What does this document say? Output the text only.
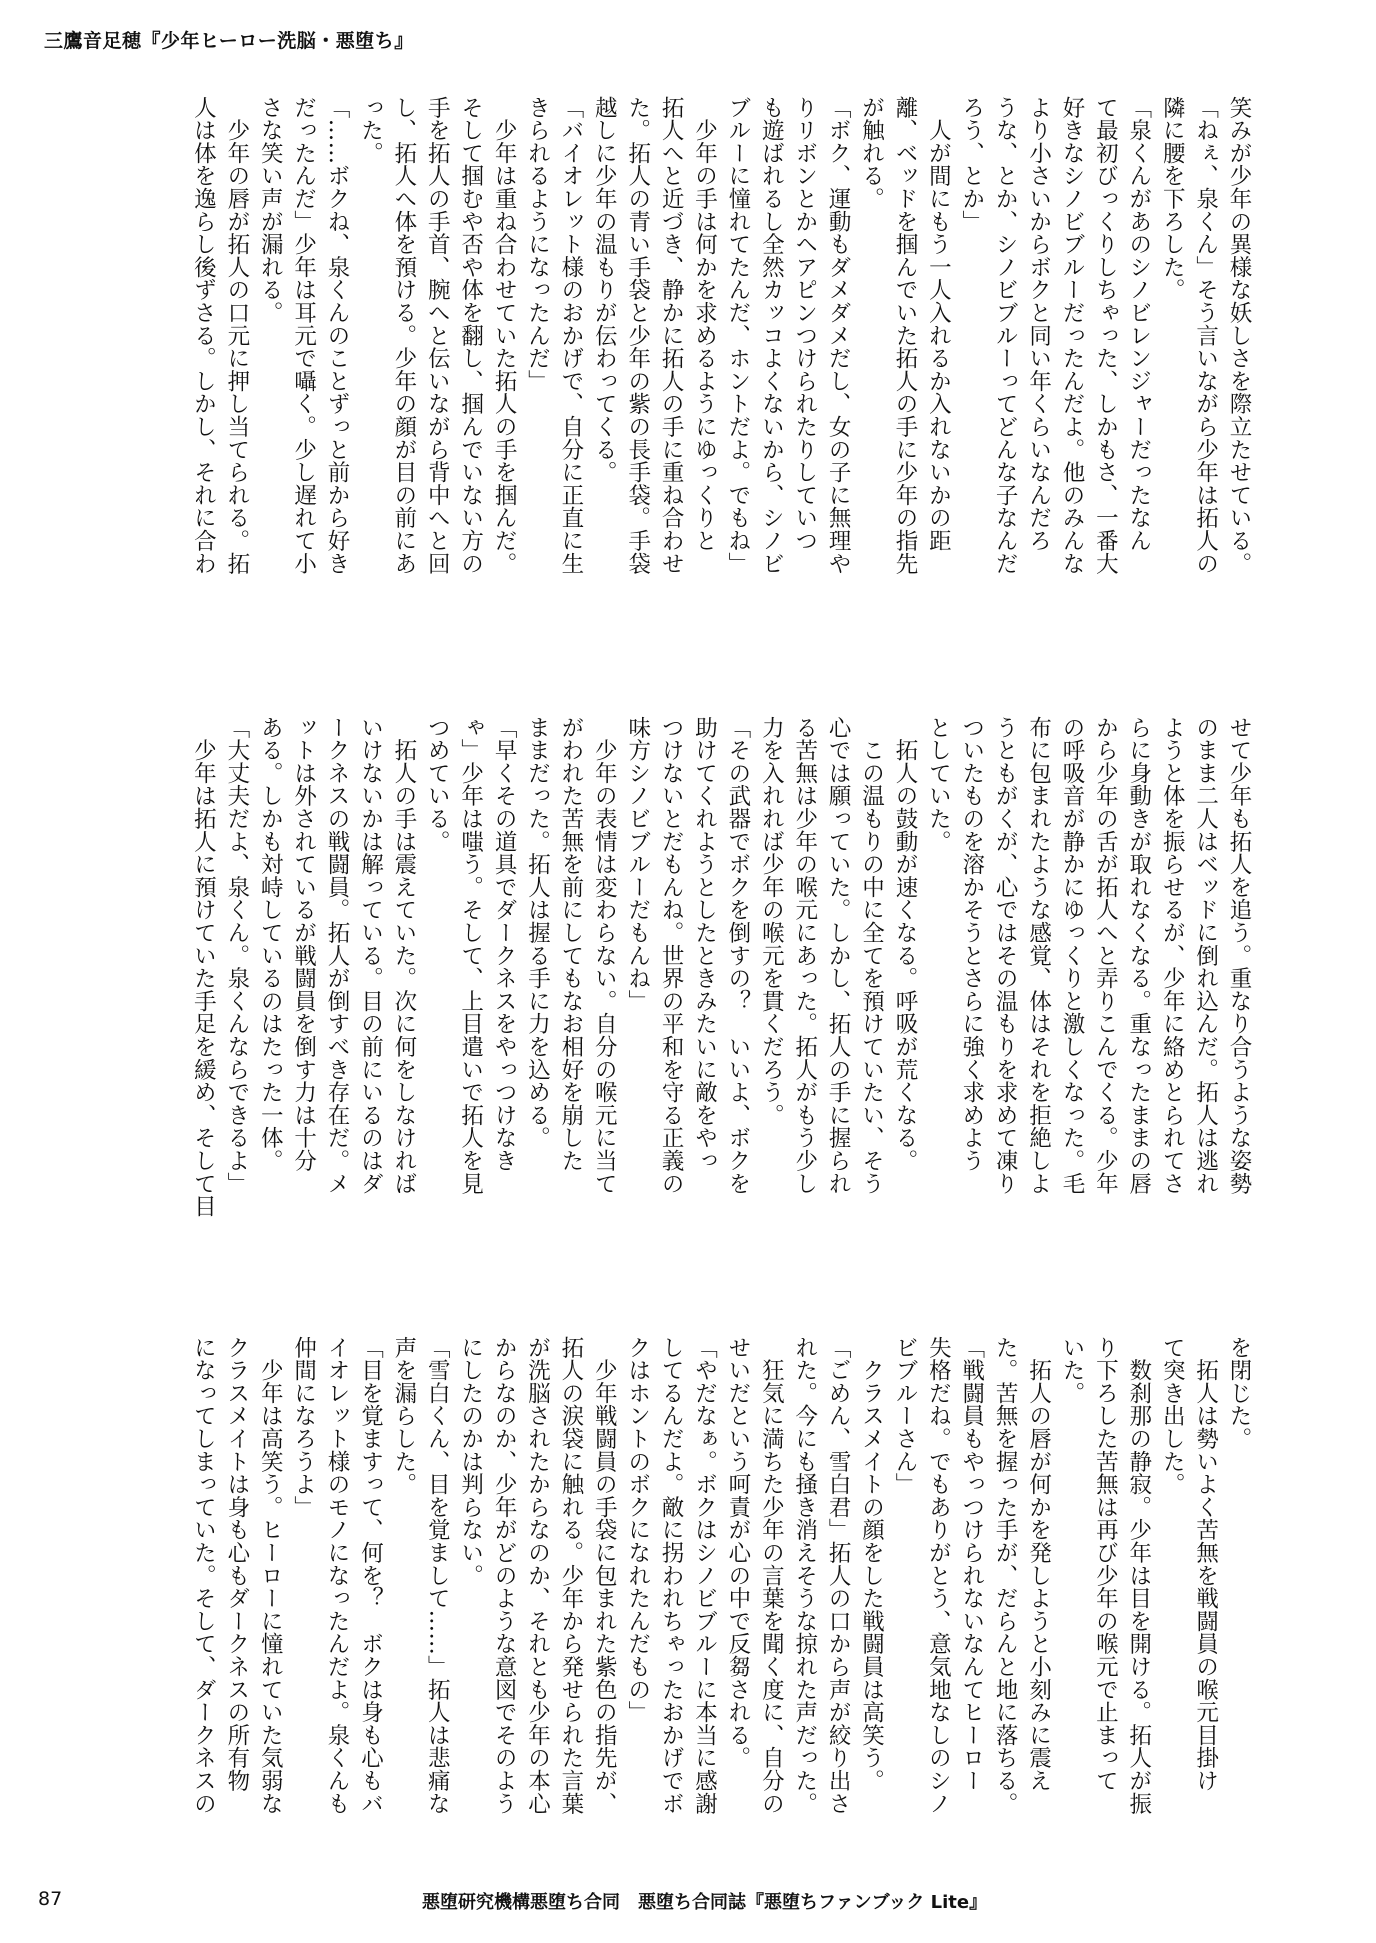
三鷹音足穂『少年ヒーロー洗脳・悪堕ち』

笑みが少年の異様な妖しさを際立たせている。

「ねぇ、泉くん」そう言いながら少年は拓人の

隣に腰を下ろした。

「泉くんがあのシノビレンジャーだったなん

て最初びっくりしちゃった、しかもさ、一番大

好きなシノビブルーだったんだよ。他のみんな

より小さいからボクと同い年くらいなんだろ

うな、とか、シノビブルーってどんな子なんだ

ろう、とか」

　人が間にもう一人入れるか入れないかの距

離、ベッドを掴んでいた拓人の手に少年の指先

が触れる。

「ボク、運動もダメダメだし、女の子に無理や

りリボンとかヘアピンつけられたりしていつ

も遊ばれるし全然カッコよくないから、シノビ

ブルーに憧れてたんだ、ホントだよ。でもね」

　少年の手は何かを求めるようにゆっくりと

拓人へと近づき、静かに拓人の手に重ね合わせ

た。拓人の青い手袋と少年の紫の長手袋。手袋

越しに少年の温もりが伝わってくる。

「バイオレット様のおかげで、自分に正直に生

きられるようになったんだ」

　少年は重ね合わせていた拓人の手を掴んだ。

そして掴むや否や体を翻し、掴んでいない方の

手を拓人の手首、腕へと伝いながら背中へと回

し、拓人へ体を預ける。少年の顔が目の前にあ

った。

「……ボクね、泉くんのことずっと前から好き

だったんだ」少年は耳元で囁く。少し遅れて小

さな笑い声が漏れる。

　少年の唇が拓人の口元に押し当てられる。拓

人は体を逸らし後ずさる。しかし、それに合わ

せて少年も拓人を追う。重なり合うような姿勢

のまま二人はベッドに倒れ込んだ。拓人は逃れ

ようと体を振らせるが、少年に絡めとられてさ

らに身動きが取れなくなる。重なったままの唇

から少年の舌が拓人へと弄りこんでくる。少年

の呼吸音が静かにゆっくりと激しくなった。毛

布に包まれたような感覚、体はそれを拒絶しよ

うともがくが、心ではその温もりを求めて凍り

ついたものを溶かそうとさらに強く求めよう

としていた。

　拓人の鼓動が速くなる。呼吸が荒くなる。

　この温もりの中に全てを預けていたい、そう

心では願っていた。しかし、拓人の手に握られ

る苦無は少年の喉元にあった。拓人がもう少し

力を入れれば少年の喉元を貫くだろう。

「その武器でボクを倒すの？　いいよ、ボクを

助けてくれようとしたときみたいに敵をやっ

つけないとだもんね。世界の平和を守る正義の

味方シノビブルーだもんね」

　少年の表情は変わらない。自分の喉元に当て

がわれた苦無を前にしてもなお相好を崩した

ままだった。拓人は握る手に力を込める。

「早くその道具でダークネスをやっつけなき

ゃ」少年は嗤う。そして、上目遣いで拓人を見

つめている。

　拓人の手は震えていた。次に何をしなければ

いけないかは解っている。目の前にいるのはダ

ークネスの戦闘員。拓人が倒すべき存在だ。メ

ットは外されているが戦闘員を倒す力は十分

ある。しかも対峙しているのはたった一体。

「大丈夫だよ、泉くん。泉くんならできるよ」

　少年は拓人に預けていた手足を緩め、そして目

を閉じた。

　拓人は勢いよく苦無を戦闘員の喉元目掛け

て突き出した。

　数刹那の静寂。少年は目を開ける。拓人が振

り下ろした苦無は再び少年の喉元で止まって

いた。

　拓人の唇が何かを発しようと小刻みに震え

た。苦無を握った手が、だらんと地に落ちる。

「戦闘員もやっつけられないなんてヒーロー

失格だね。でもありがとう、意気地なしのシノ

ビブルーさん」

　クラスメイトの顔をした戦闘員は高笑う。

「ごめん、雪白君」拓人の口から声が絞り出さ

れた。今にも掻き消えそうな掠れた声だった。

　狂気に満ちた少年の言葉を聞く度に、自分の

せいだという呵責が心の中で反芻される。

「やだなぁ。ボクはシノビブルーに本当に感謝

してるんだよ。敵に拐われちゃったおかげでボ

クはホントのボクになれたんだもの」

　少年戦闘員の手袋に包まれた紫色の指先が、

拓人の涙袋に触れる。少年から発せられた言葉

が洗脳されたからなのか、それとも少年の本心

からなのか、少年がどのような意図でそのよう

にしたのかは判らない。

「雪白くん、目を覚まして……」拓人は悲痛な

声を漏らした。

「目を覚ますって、何を？　ボクは身も心もバ

イオレット様のモノになったんだよ。泉くんも

仲間になろうよ」

　少年は高笑う。ヒーローに憧れていた気弱な

クラスメイトは身も心もダークネスの所有物

になってしまっていた。そして、ダークネスの

87	悪堕研究機構悪堕ち合同　悪堕ち合同誌『悪堕ちファンブック Lite』
